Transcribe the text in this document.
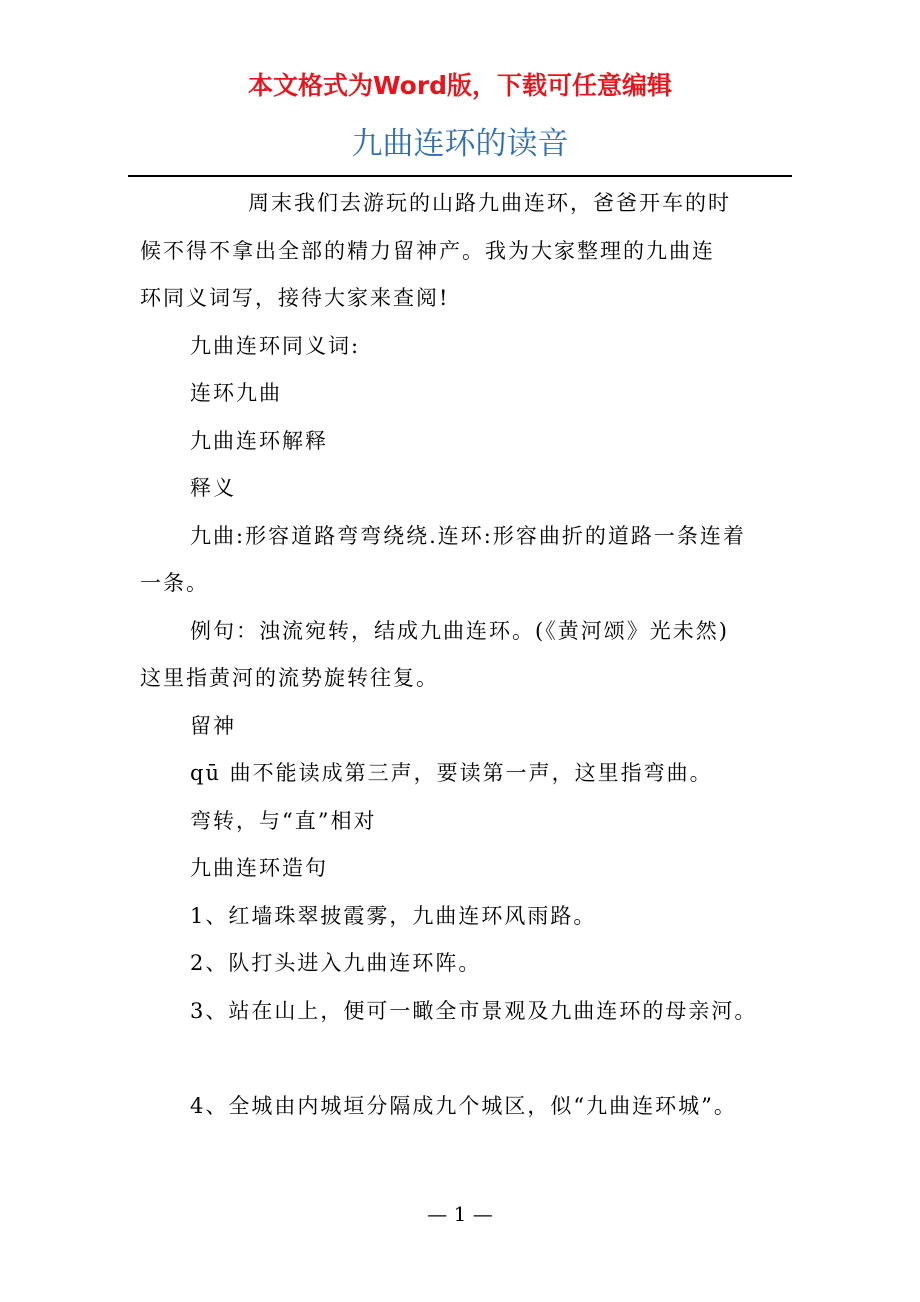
本文格式为Word版，下载可任意编辑
九曲连环的读音

周末我们去游玩的山路九曲连环，爸爸开车的时

候不得不拿出全部的精力留神产。我为大家整理的九曲连

环同义词写，接待大家来查阅!

九曲连环同义词:

连环九曲

九曲连环解释

释义

九曲:形容道路弯弯绕绕.连环:形容曲折的道路一条连着

一条。

例句：浊流宛转，结成九曲连环。(《黄河颂》光未然)

这里指黄河的流势旋转往复。

留神

qū 曲不能读成第三声，要读第一声，这里指弯曲。

弯转，与“直”相对

九曲连环造句

1、红墙珠翠披霞雾，九曲连环风雨路。

2、队打头进入九曲连环阵。

3、站在山上，便可一瞰全市景观及九曲连环的母亲河。

4、全城由内城垣分隔成九个城区，似“九曲连环城”。

— 1 —
